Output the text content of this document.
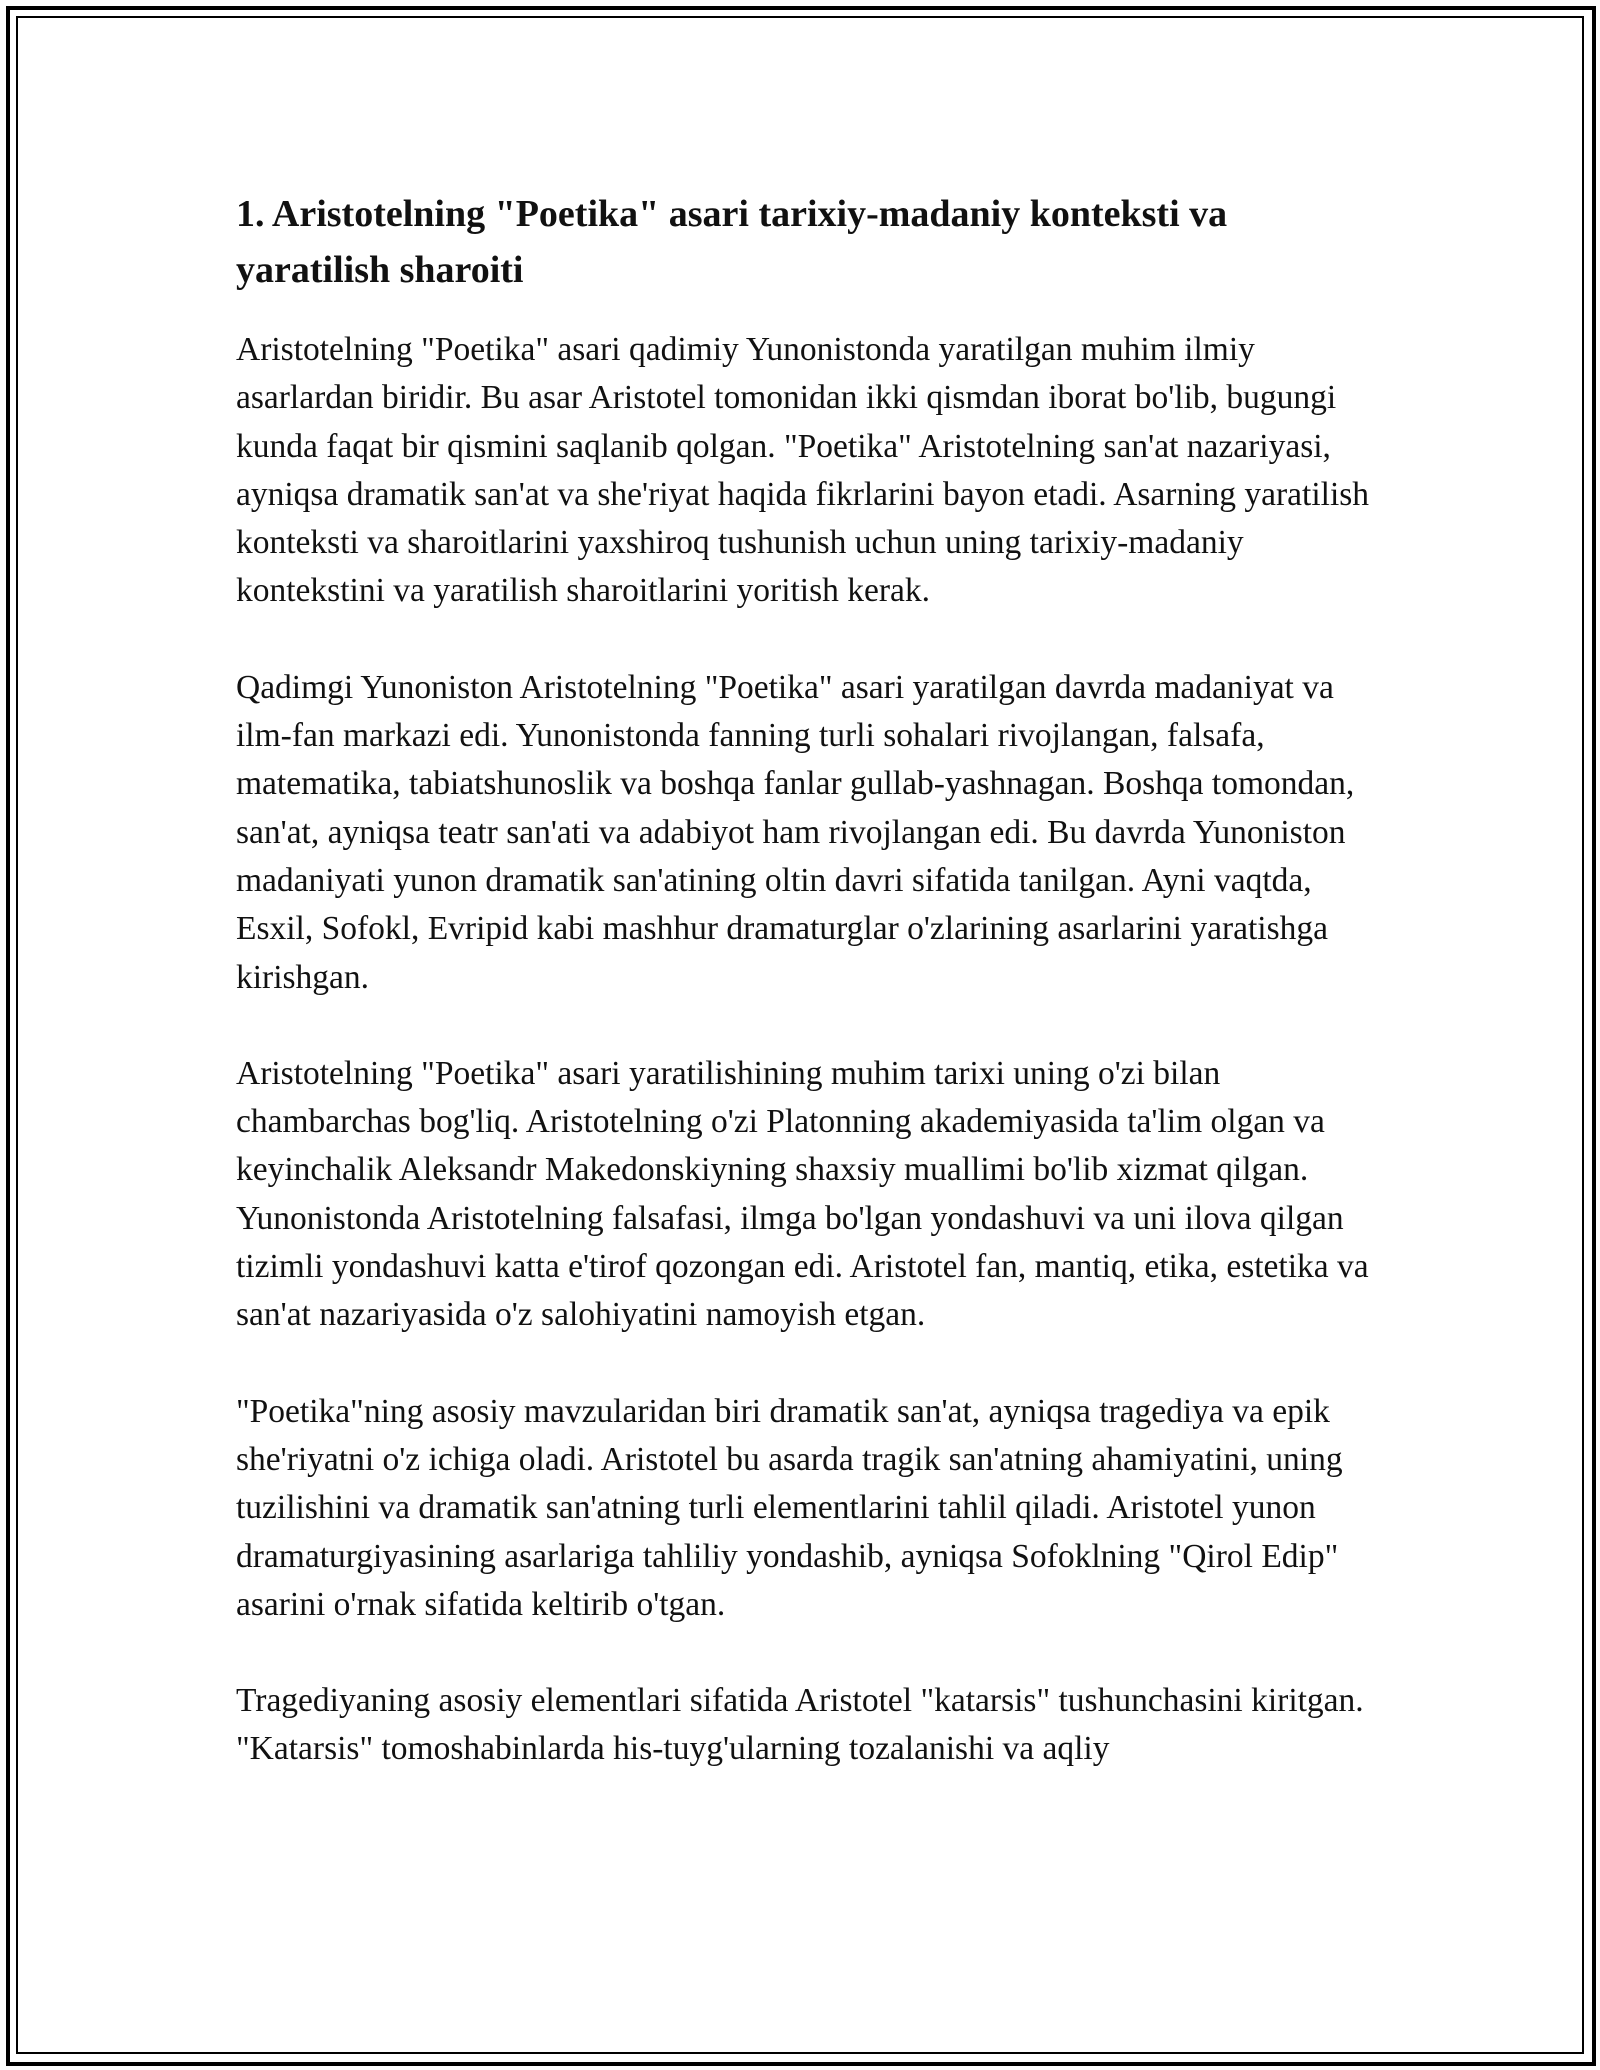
1. Aristotelning "Poetika" asari tarixiy-madaniy konteksti va yaratilish sharoiti

Aristotelning "Poetika" asari qadimiy Yunonistonda yaratilgan muhim ilmiy asarlardan biridir. Bu asar Aristotel tomonidan ikki qismdan iborat bo'lib, bugungi kunda faqat bir qismini saqlanib qolgan. "Poetika" Aristotelning san'at nazariyasi, ayniqsa dramatik san'at va she'riyat haqida fikrlarini bayon etadi. Asarning yaratilish konteksti va sharoitlarini yaxshiroq tushunish uchun uning tarixiy-madaniy kontekstini va yaratilish sharoitlarini yoritish kerak.

Qadimgi Yunoniston Aristotelning "Poetika" asari yaratilgan davrda madaniyat va ilm-fan markazi edi. Yunonistonda fanning turli sohalari rivojlangan, falsafa, matematika, tabiatshunoslik va boshqa fanlar gullab-yashnagan. Boshqa tomondan, san'at, ayniqsa teatr san'ati va adabiyot ham rivojlangan edi. Bu davrda Yunoniston madaniyati yunon dramatik san'atining oltin davri sifatida tanilgan. Ayni vaqtda, Esxil, Sofokl, Evripid kabi mashhur dramaturglar o'zlarining asarlarini yaratishga kirishgan.

Aristotelning "Poetika" asari yaratilishining muhim tarixi uning o'zi bilan chambarchas bog'liq. Aristotelning o'zi Platonning akademiyasida ta'lim olgan va keyinchalik Aleksandr Makedonskiyning shaxsiy muallimi bo'lib xizmat qilgan. Yunonistonda Aristotelning falsafasi, ilmga bo'lgan yondashuvi va uni ilova qilgan tizimli yondashuvi katta e'tirof qozongan edi. Aristotel fan, mantiq, etika, estetika va san'at nazariyasida o'z salohiyatini namoyish etgan.

"Poetika"ning asosiy mavzularidan biri dramatik san'at, ayniqsa tragediya va epik she'riyatni o'z ichiga oladi. Aristotel bu asarda tragik san'atning ahamiyatini, uning tuzilishini va dramatik san'atning turli elementlarini tahlil qiladi. Aristotel yunon dramaturgiyasining asarlariga tahliliy yondashib, ayniqsa Sofoklning "Qirol Edip" asarini o'rnak sifatida keltirib o'tgan.

Tragediyaning asosiy elementlari sifatida Aristotel "katarsis" tushunchasini kiritgan. "Katarsis" tomoshabinlarda his-tuyg'ularning tozalanishi va aqliy
